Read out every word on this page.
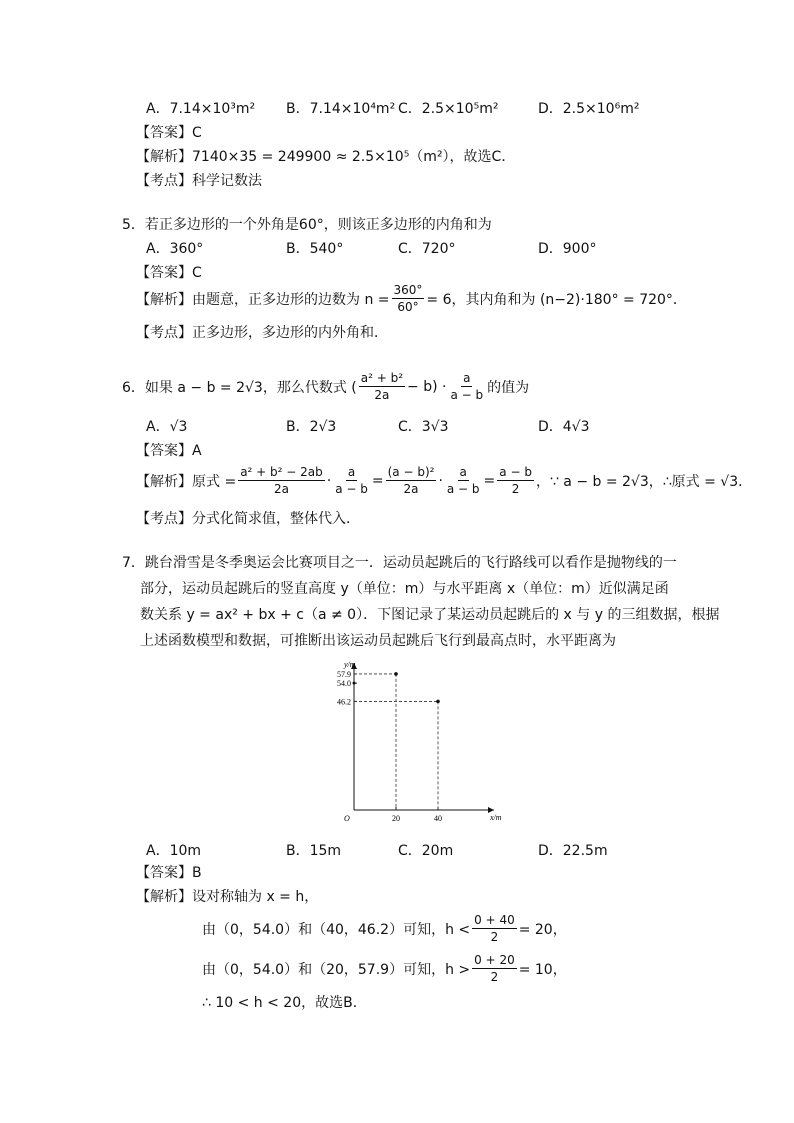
A．7.14×10³m² B．7.14×10⁴m² C．2.5×10⁵m²	D．2.5×10⁶m²
【答案】C
【解析】7140×35 = 249900 ≈ 2.5×10⁵（m²），故选C．
【考点】科学记数法
5．若正多边形的一个外角是60°，则该正多边形的内角和为
A．360°	B．540°	C．720°	D．900°
【答案】C
【解析】由题意，正多边形的边数为 $n = \frac{360^\circ}{60^\circ} = 6$，其内角和为 (n−2)·180° = 720°．
【考点】正多边形，多边形的内外角和．
6．如果 a − b = 2√3，那么代数式 ( $\frac{\text{a² + b²}}{2a} - b) \cdot \frac{a}{a - b}$ 的值为
A．√3	B．2√3	C．3√3	D．4√3
【答案】A
【解析】原式 = $\frac{\text{a² + b² − 2ab}}{2a} \cdot \frac{a}{a - b} = \frac{\text{(a − b)²}}{2a} \cdot \frac{a}{a - b} = \frac{a - b}{2}$ ，∵ a − b = 2√3，∴原式 = √3．
【考点】分式化简求值，整体代入．
7．跳台滑雪是冬季奥运会比赛项目之一．运动员起跳后的飞行路线可以看作是抛物线的一
部分，运动员起跳后的竖直高度 y（单位：m）与水平距离 x（单位：m）近似满足函
数关系 y = ax² + bx + c（a ≠ 0）．下图记录了某运动员起跳后的 x 与 y 的三组数据，根据
上述函数模型和数据，可推断出该运动员起跳后飞行到最高点时，水平距离为
y/m
x/m
O	20	40
57.9
54.0
46.2
A．10m	B．15m	C．20m	D．22.5m
【答案】B
【解析】设对称轴为 x = h，
由（0，54.0）和（40，46.2）可知，$h < \frac{0 + 40}{2} = 20$，
由（0，54.0）和（20，57.9）可知，$h > \frac{0 + 20}{2} = 10$，
∴ 10 < h < 20，故选B．
